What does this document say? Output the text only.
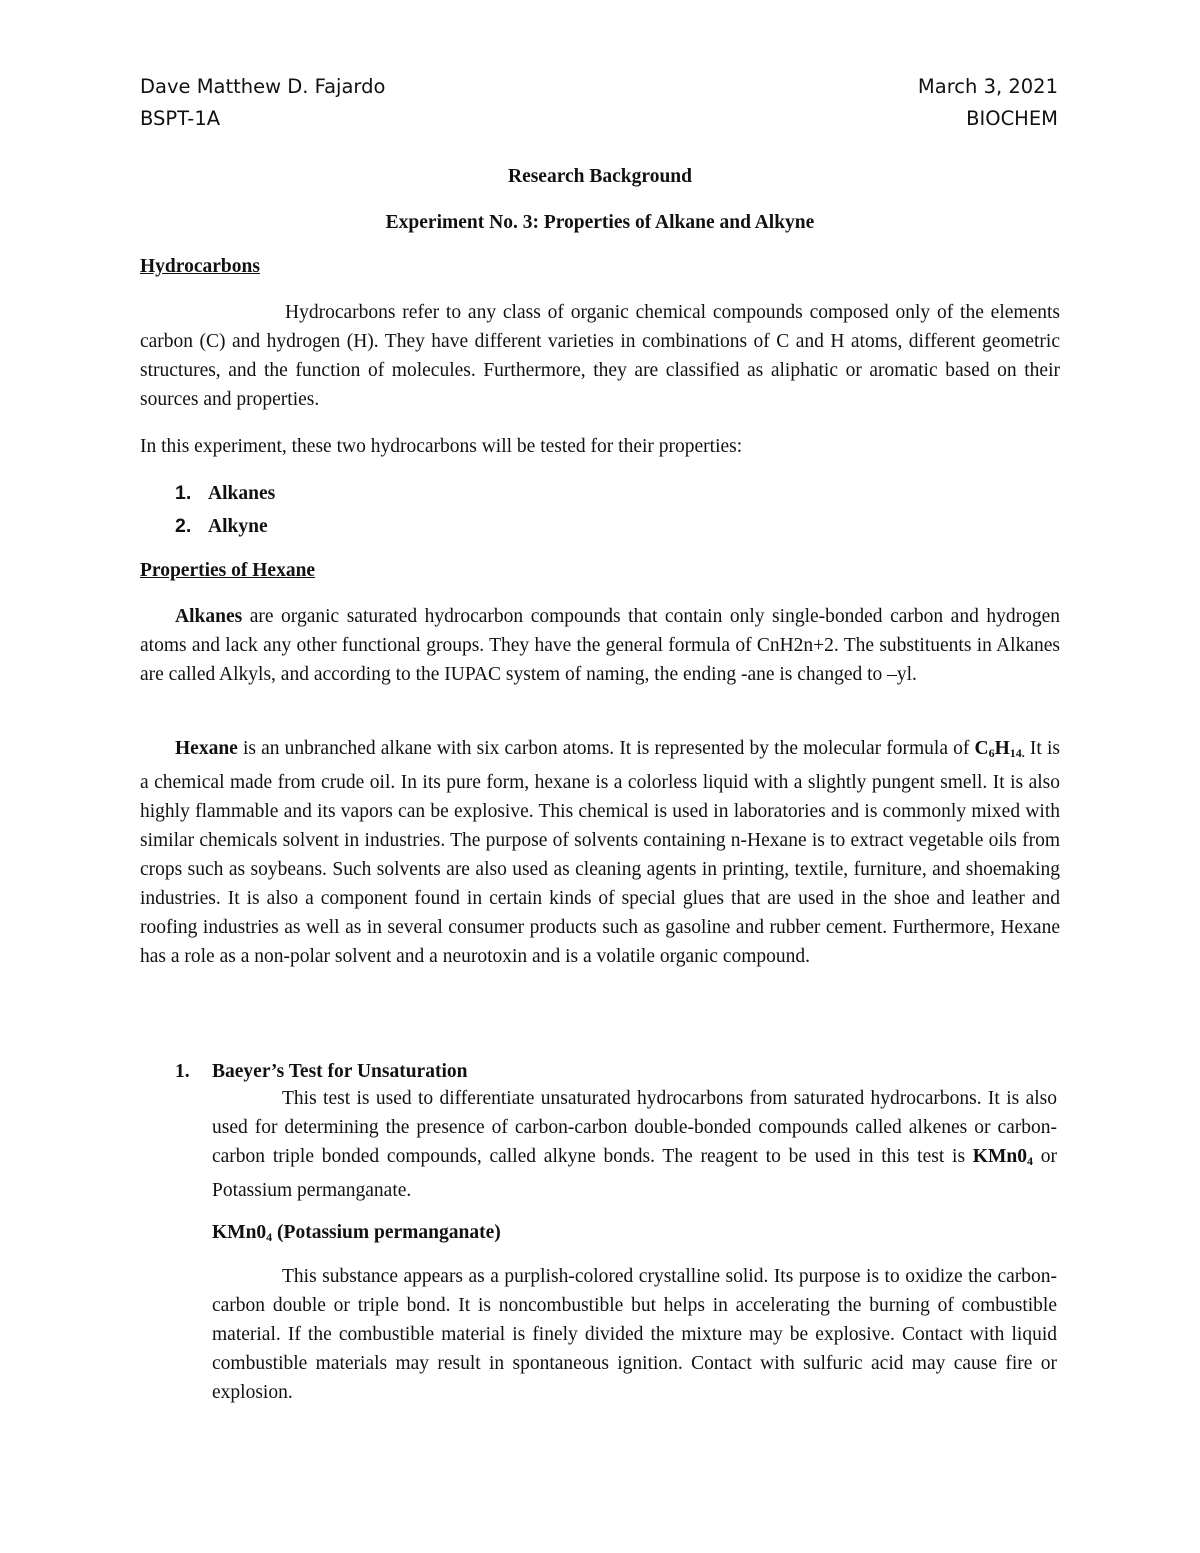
Dave Matthew D. Fajardo
BSPT-1A
March 3, 2021
BIOCHEM
Research Background
Experiment No. 3: Properties of Alkane and Alkyne
Hydrocarbons
Hydrocarbons refer to any class of organic chemical compounds composed only of the elements carbon (C) and hydrogen (H). They have different varieties in combinations of C and H atoms, different geometric structures, and the function of molecules. Furthermore, they are classified as aliphatic or aromatic based on their sources and properties.
In this experiment, these two hydrocarbons will be tested for their properties:
1. Alkanes
2. Alkyne
Properties of Hexane
Alkanes are organic saturated hydrocarbon compounds that contain only single-bonded carbon and hydrogen atoms and lack any other functional groups. They have the general formula of CnH2n+2. The substituents in Alkanes are called Alkyls, and according to the IUPAC system of naming, the ending -ane is changed to –yl.
Hexane is an unbranched alkane with six carbon atoms. It is represented by the molecular formula of $C_6H_{14.}$ It is a chemical made from crude oil. In its pure form, hexane is a colorless liquid with a slightly pungent smell. It is also highly flammable and its vapors can be explosive. This chemical is used in laboratories and is commonly mixed with similar chemicals solvent in industries. The purpose of solvents containing n-Hexane is to extract vegetable oils from crops such as soybeans. Such solvents are also used as cleaning agents in printing, textile, furniture, and shoemaking industries. It is also a component found in certain kinds of special glues that are used in the shoe and leather and roofing industries as well as in several consumer products such as gasoline and rubber cement. Furthermore, Hexane has a role as a non-polar solvent and a neurotoxin and is a volatile organic compound.
1. Baeyer’s Test for Unsaturation
This test is used to differentiate unsaturated hydrocarbons from saturated hydrocarbons. It is also used for determining the presence of carbon-carbon double-bonded compounds called alkenes or carbon-carbon triple bonded compounds, called alkyne bonds. The reagent to be used in this test is $KMn0_4$ or Potassium permanganate.
$KMn0_4$ (Potassium permanganate)
This substance appears as a purplish-colored crystalline solid. Its purpose is to oxidize the carbon-carbon double or triple bond. It is noncombustible but helps in accelerating the burning of combustible material. If the combustible material is finely divided the mixture may be explosive. Contact with liquid combustible materials may result in spontaneous ignition. Contact with sulfuric acid may cause fire or explosion.
